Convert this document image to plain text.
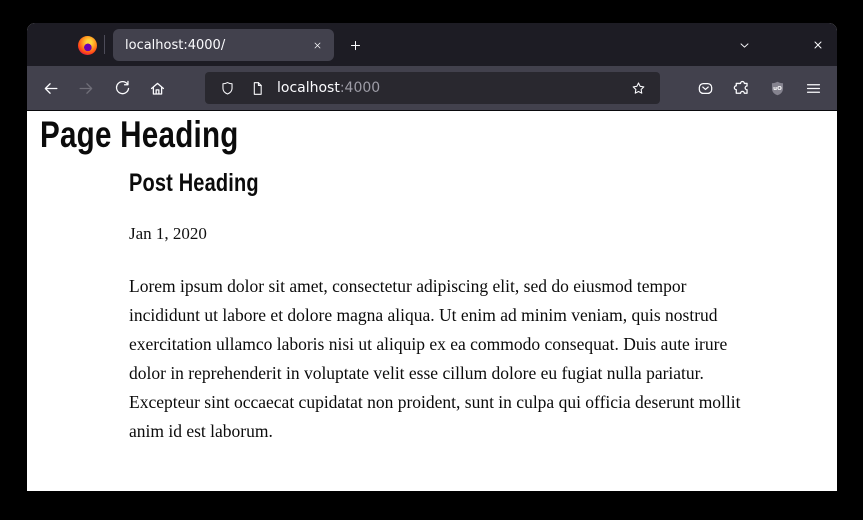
localhost:4000/
localhost:4000	uO
Page Heading
Post Heading
Jan 1, 2020

Lorem ipsum dolor sit amet, consectetur adipiscing elit, sed do eiusmod tempor incididunt ut labore et dolore magna aliqua. Ut enim ad minim veniam, quis nostrud exercitation ullamco laboris nisi ut aliquip ex ea commodo consequat. Duis aute irure dolor in reprehenderit in voluptate velit esse cillum dolore eu fugiat nulla pariatur. Excepteur sint occaecat cupidatat non proident, sunt in culpa qui officia deserunt mollit anim id est laborum.
